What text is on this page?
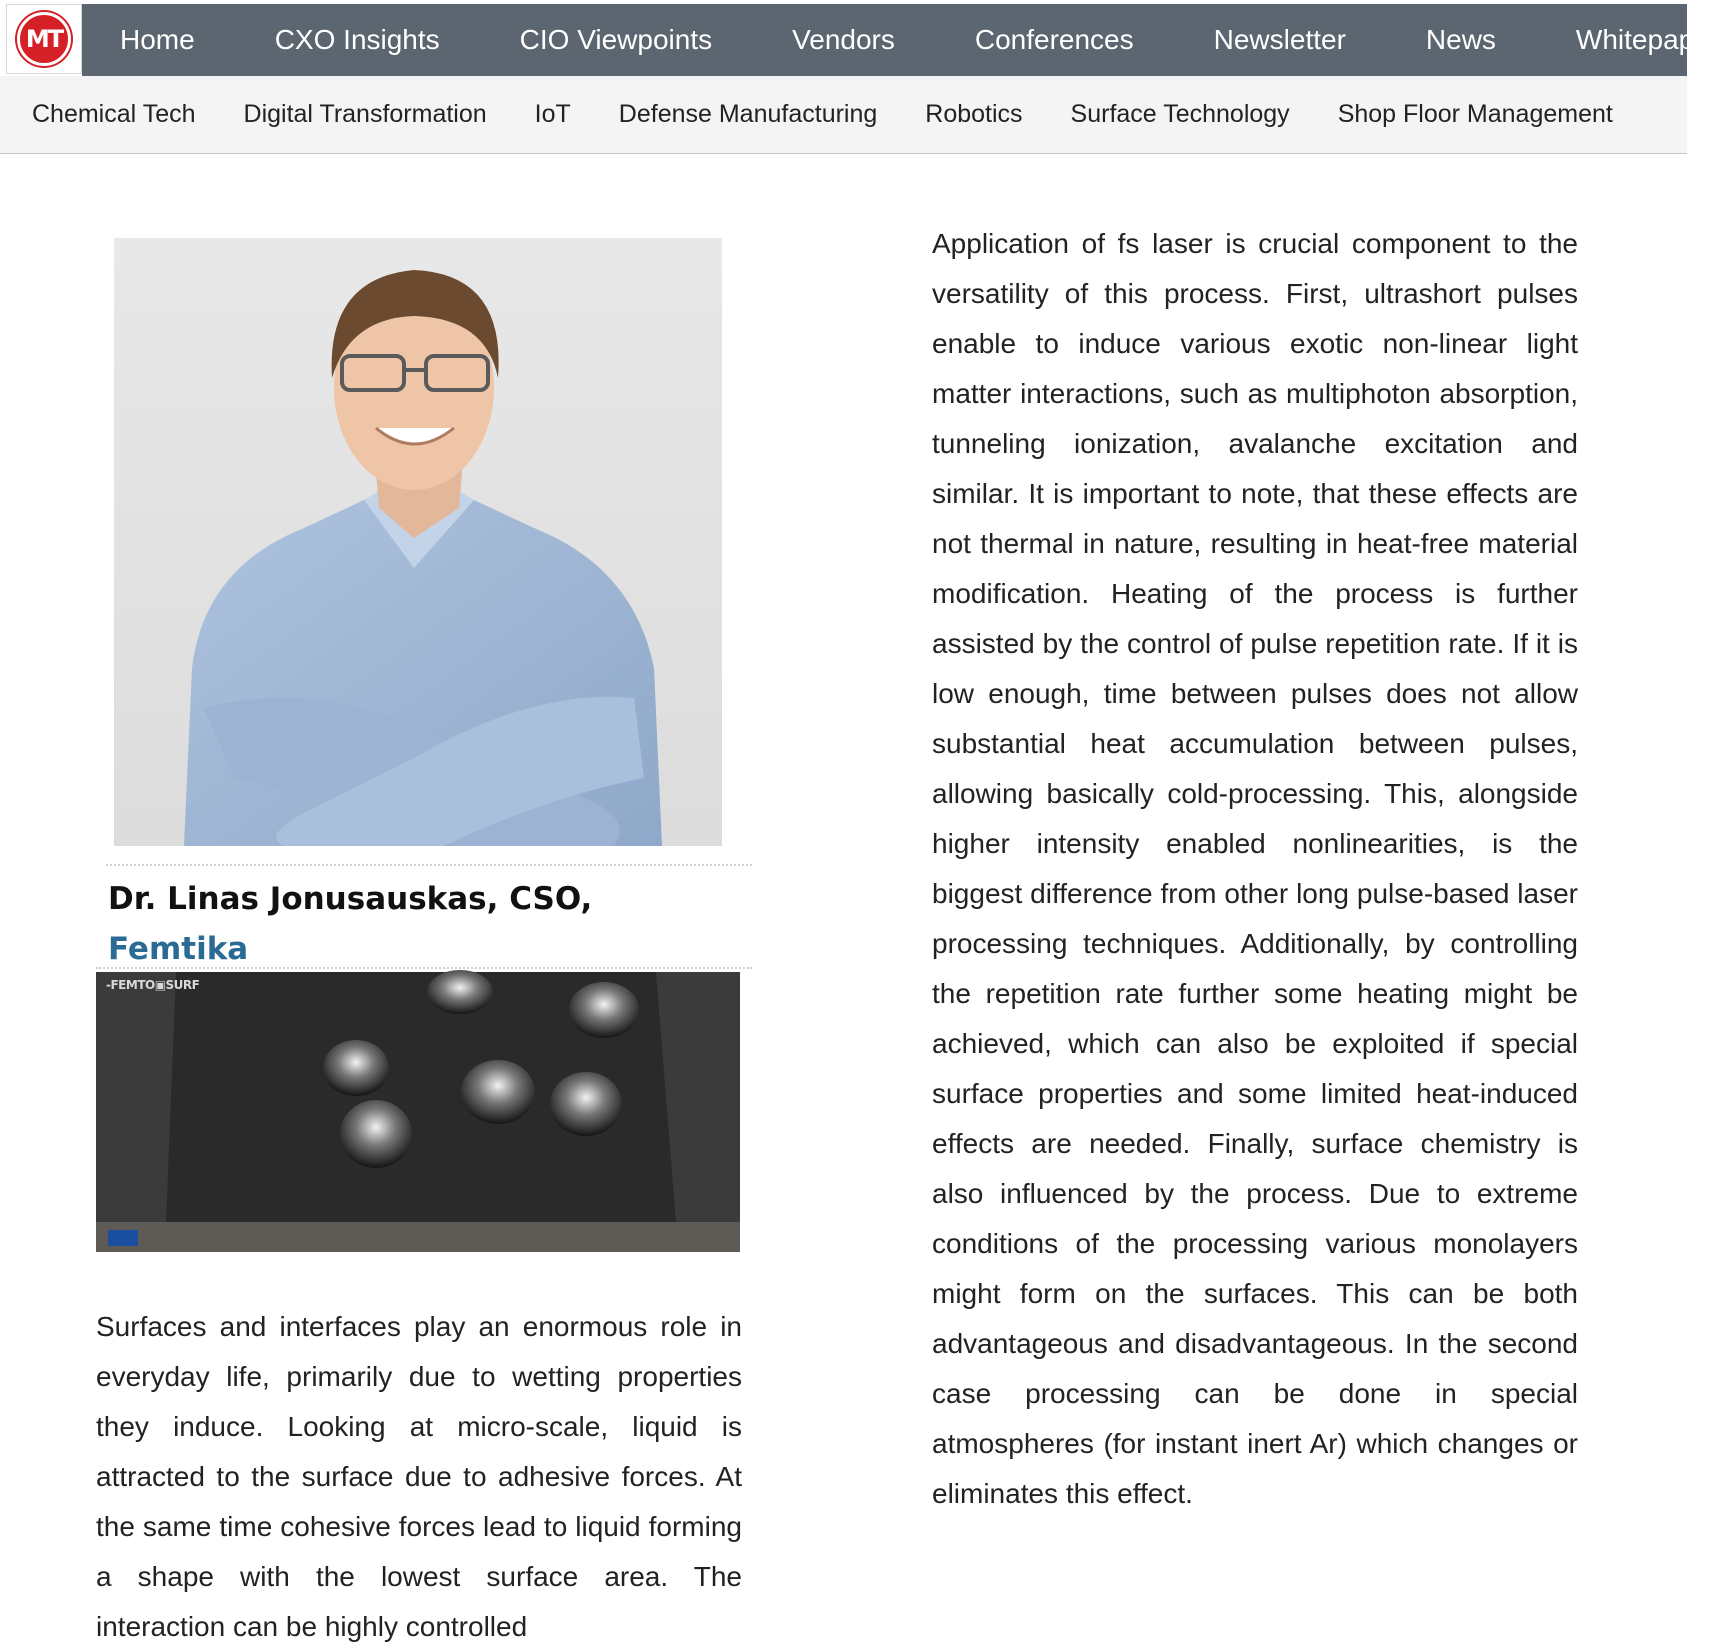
MT	Home	CXO Insights	CIO Viewpoints	Vendors	Conferences	Newsletter	News	Whitepap
Chemical Tech	Digital Transformation	IoT	Defense Manufacturing	Robotics	Surface Technology	Shop Floor Management
Dr. Linas Jonusauskas, CSO,
Femtika
-FEMTO▣SURF

Surfaces and interfaces play an enormous role in everyday life, primarily due to wetting properties they induce. Looking at micro-scale, liquid is attracted to the surface due to adhesive forces. At the same time cohesive forces lead to liquid forming a shape with the lowest surface area. The interaction can be highly controlled

Application of fs laser is crucial component to the versatility of this process. First, ultrashort pulses enable to induce various exotic non-linear light matter interactions, such as multiphoton absorption, tunneling ionization, avalanche excitation and similar. It is important to note, that these effects are not thermal in nature, resulting in heat-free material modification. Heating of the process is further assisted by the control of pulse repetition rate. If it is low enough, time between pulses does not allow substantial heat accumulation between pulses, allowing basically cold-processing. This, alongside higher intensity enabled nonlinearities, is the biggest difference from other long pulse-based laser processing techniques. Additionally, by controlling the repetition rate further some heating might be achieved, which can also be exploited if special surface properties and some limited heat-induced effects are needed. Finally, surface chemistry is also influenced by the process. Due to extreme conditions of the processing various monolayers might form on the surfaces. This can be both advantageous and disadvantageous. In the second case processing can be done in special atmospheres (for instant inert Ar) which changes or eliminates this effect.
